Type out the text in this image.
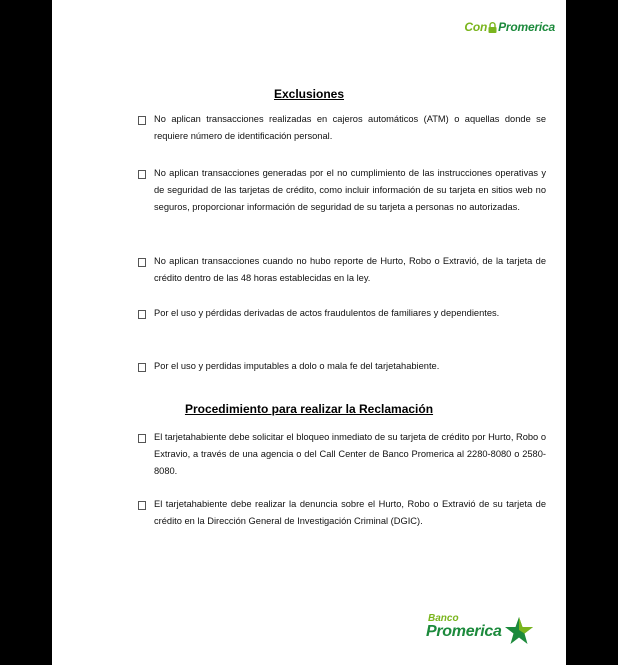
Con Promerica
Exclusiones
No aplican transacciones realizadas en cajeros automáticos (ATM) o aquellas donde se requiere número de identificación personal.
No aplican transacciones generadas por el no cumplimiento de las instrucciones operativas y de seguridad de las tarjetas de crédito, como incluir información de su tarjeta en sitios web no seguros, proporcionar información de seguridad de su tarjeta a personas no autorizadas.
No aplican transacciones cuando no hubo reporte de Hurto, Robo o Extravió, de la tarjeta de crédito dentro de las 48 horas establecidas en la ley.
Por el uso y pérdidas derivadas de actos fraudulentos de familiares y dependientes.
Por el uso y perdidas imputables a dolo o mala fe del tarjetahabiente.
Procedimiento para realizar la Reclamación
El tarjetahabiente debe solicitar el bloqueo inmediato de su tarjeta de crédito por Hurto, Robo o Extravio, a través de una agencia o del Call Center de Banco Promerica al 2280-8080 o 2580-8080.
El tarjetahabiente debe realizar la denuncia sobre el Hurto, Robo o Extravió de su tarjeta de crédito en la Dirección General de Investigación Criminal (DGIC).
Banco
Promerica
